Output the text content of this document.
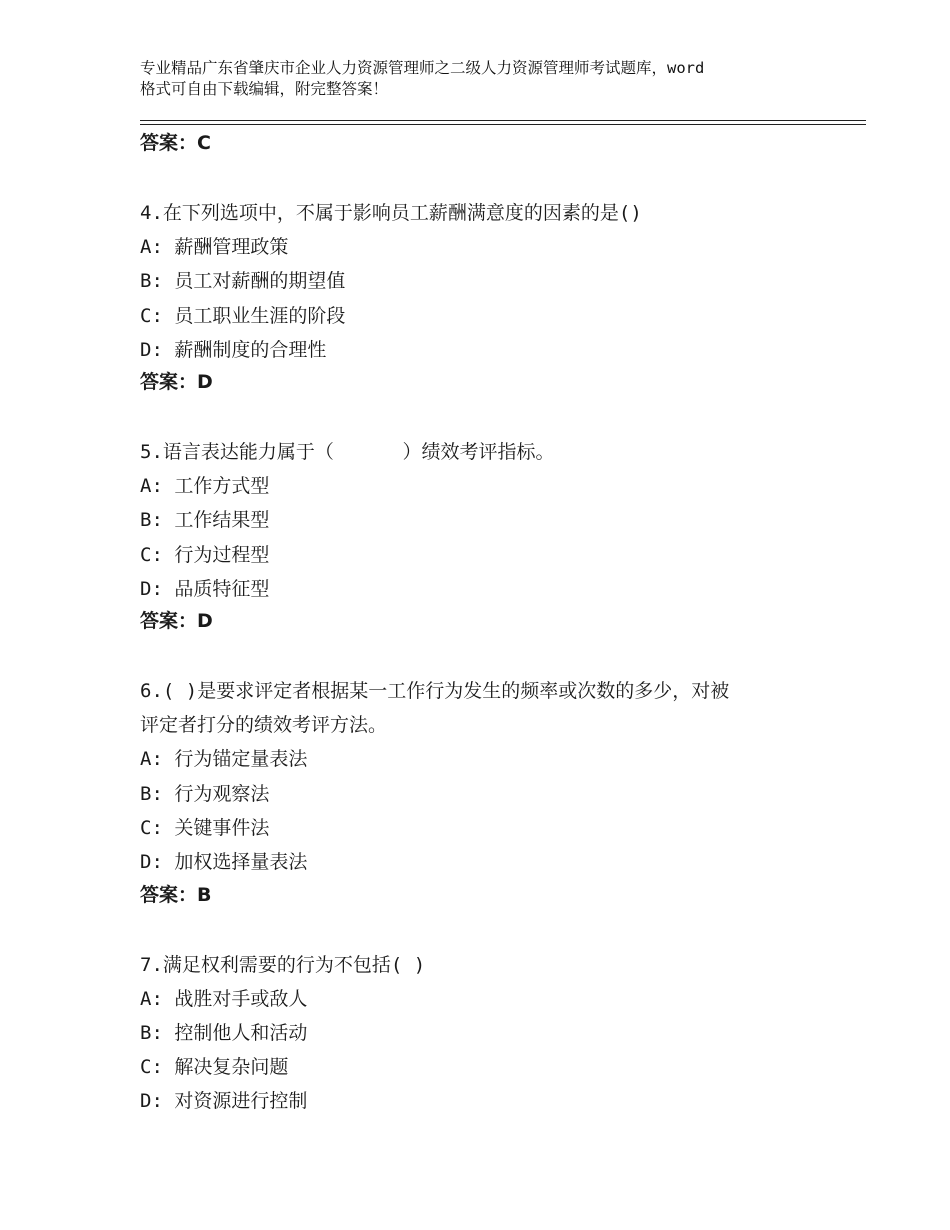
专业精品广东省肇庆市企业人力资源管理师之二级人力资源管理师考试题库，word
格式可自由下载编辑，附完整答案！
答案：C
4.在下列选项中，不属于影响员工薪酬满意度的因素的是()
A: 薪酬管理政策
B: 员工对薪酬的期望值
C: 员工职业生涯的阶段
D: 薪酬制度的合理性
答案：D
5.语言表达能力属于（      ）绩效考评指标。
A: 工作方式型
B: 工作结果型
C: 行为过程型
D: 品质特征型
答案：D
6.( )是要求评定者根据某一工作行为发生的频率或次数的多少，对被
评定者打分的绩效考评方法。
A: 行为锚定量表法
B: 行为观察法
C: 关键事件法
D: 加权选择量表法
答案：B
7.满足权利需要的行为不包括( )
A: 战胜对手或敌人
B: 控制他人和活动
C: 解决复杂问题
D: 对资源进行控制
